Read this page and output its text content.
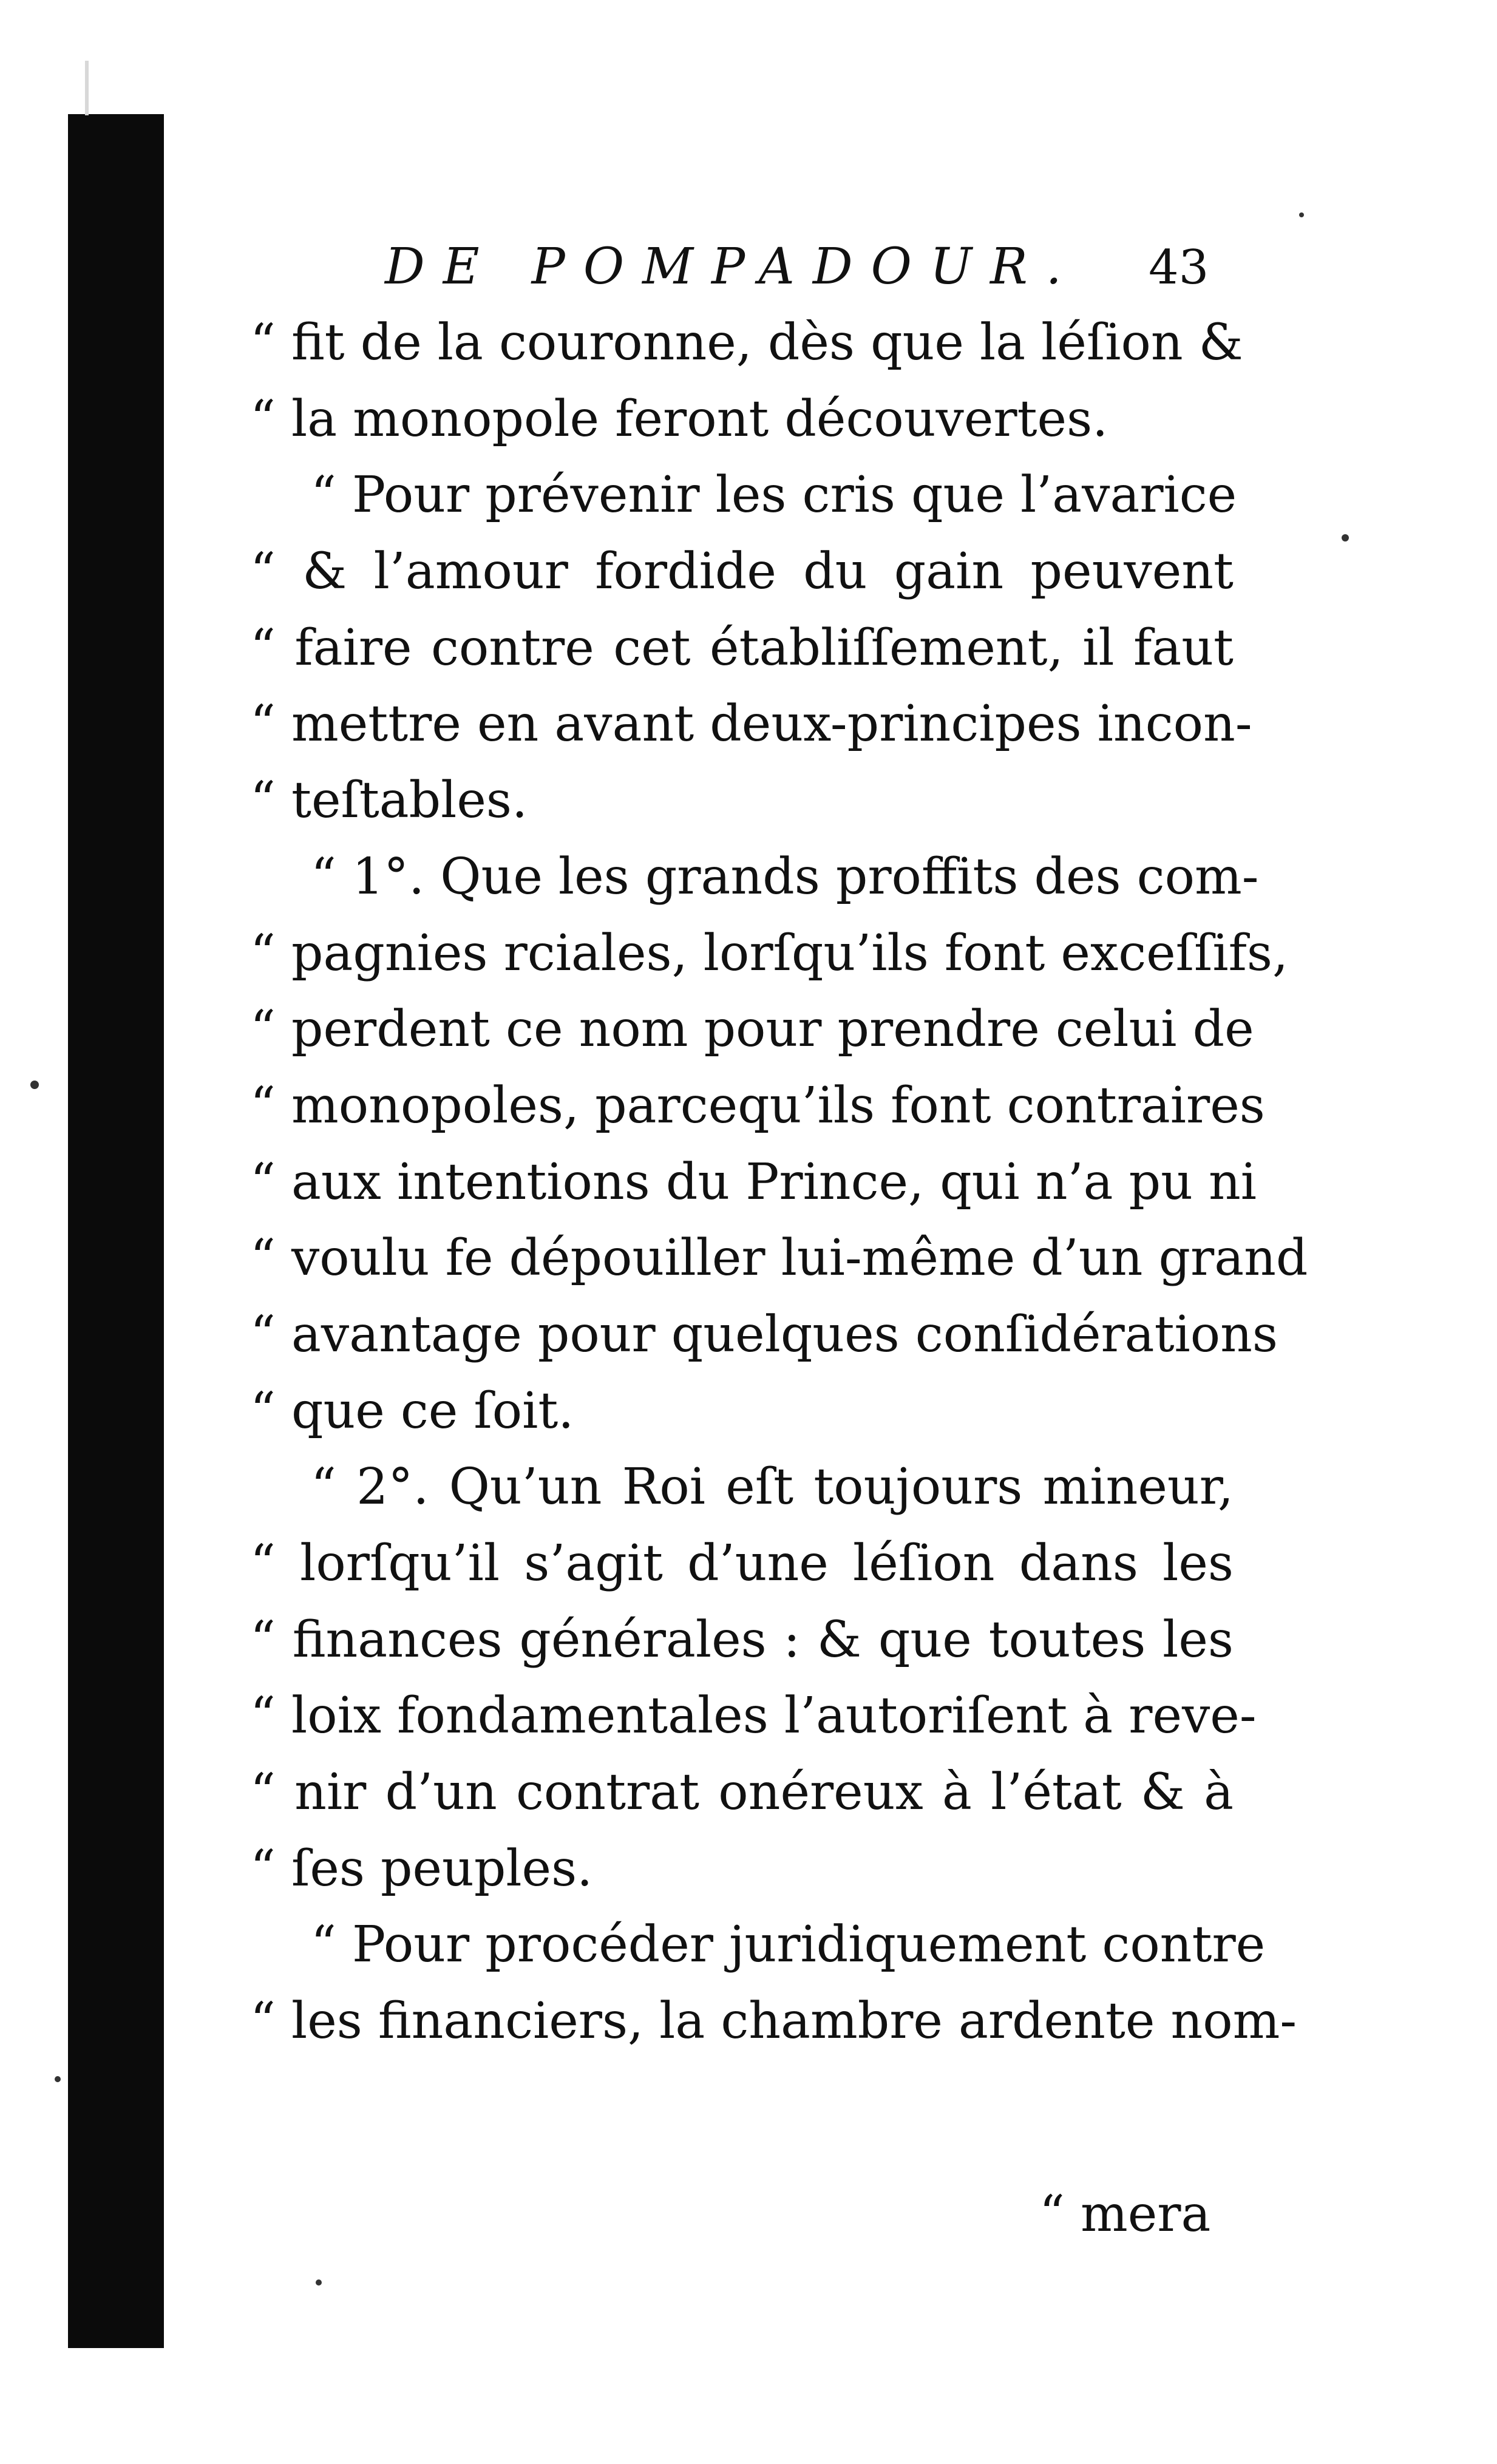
DE POMPADOUR. 43
“ fit de la couronne, dès que la léſion &
“ la monopole feront découvertes.
“ Pour prévenir les cris que l’avarice
“ & l’amour fordide du gain peuvent
“ faire contre cet établiſſement, il faut
“ mettre en avant deux-principes incon-
“ teſtables.
“ 1°. Que les grands proffits des com-
“ pagnies rciales, lorſqu’ils font exceſſifs,
“ perdent ce nom pour prendre celui de
“ monopoles, parcequ’ils font contraires
“ aux intentions du Prince, qui n’a pu ni
“ voulu fe dépouiller lui-même d’un grand
“ avantage pour quelques conſidérations
“ que ce ſoit.
“ 2°. Qu’un Roi eſt toujours mineur,
“ lorſqu’il s’agit d’une léſion dans les
“ finances générales : & que toutes les
“ loix fondamentales l’autoriſent à reve-
“ nir d’un contrat onéreux à l’état & à
“ ſes peuples.
“ Pour procéder juridiquement contre
“ les financiers, la chambre ardente nom-
“ mera
